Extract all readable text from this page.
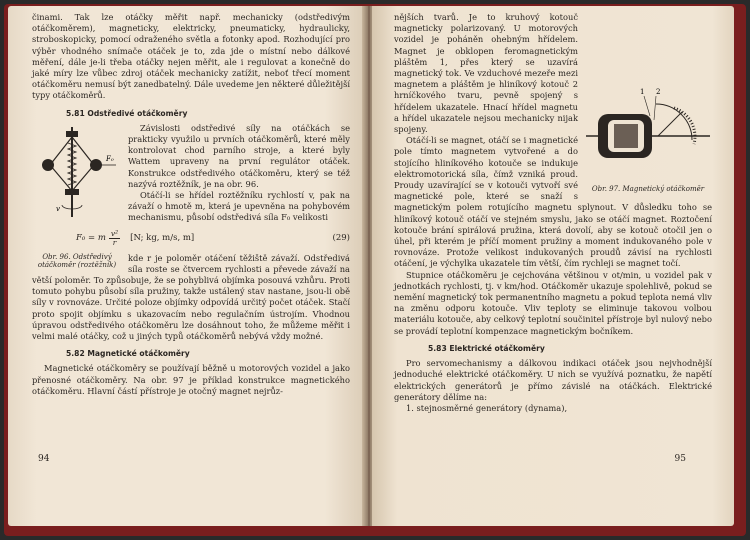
činami. Tak lze otáčky měřit např. mechanicky (odstředivým otáčkoměrem), magneticky, elektricky, pneumaticky, hydraulicky, stroboskopicky, pomocí odraženého světla a fotonky apod. Rozhodující pro výběr vhodného snímače otáček je to, zda jde o místní nebo dálkové měření, dále je-li třeba otáčky nejen měřit, ale i regulovat a konečně do jaké míry lze vůbec zdroj otáček mechanicky zatížit, neboť třecí moment otáčkoměru nemusí být zanedbatelný. Dále uvedeme jen některé důležitější typy otáčkoměrů.

5.81 Odstředivé otáčkoměry
F₀
v

Závislosti odstředivé síly na otáčkách se prakticky využilo u prvních otáčkoměrů, které měly kontrolovat chod parního stroje, a které byly Wattem upraveny na první regulátor otáček. Konstrukce odstředivého otáčkoměru, který se též nazývá roztěžník, je na obr. 96.

Otáčí-li se hřídel roztěžníku rychlostí v, pak na závaží o hmotě m, která je upevněna na pohybovém mechanismu, působí odstředivá síla F₀ velikosti

F₀ = m $\frac{\text{v²}}{r} [N$; kg, m/s, m]	(29)
Obr. 96. Odstředivý otáčkoměr (roztěžník)

kde r je poloměr otáčení těžiště závaží. Odstředivá síla roste se čtvercem rychlosti a převede závaží na větší poloměr. To způsobuje, že se pohyblivá objímka posouvá vzhůru. Proti tomuto pohybu působí síla pružiny, takže ustálený stav nastane, jsou-li obě síly v rovnováze. Určité poloze objímky odpovídá určitý počet otáček. Stačí proto spojit objímku s ukazovacím nebo regulačním ústrojím. Vhodnou úpravou odstředivého otáčkoměru lze dosáhnout toho, že můžeme měřit i velmi malé otáčky, což u jiných typů otáčkoměrů nebývá vždy možné.

5.82 Magnetické otáčkoměry

Magnetické otáčkoměry se používají běžně u motorových vozidel a jako přenosné otáčkoměry. Na obr. 97 je příklad konstrukce magnetického otáčkoměru. Hlavní částí přístroje je otočný magnet nejrůz-

94
1 2
Obr. 97. Magnetický otáčkoměr

nějších tvarů. Je to kruhový kotouč magneticky polarizovaný. U motorových vozidel je poháněn ohebným hřídelem. Magnet je obklopen feromagnetickým pláštěm 1, přes který se uzavírá magnetický tok. Ve vzduchové mezeře mezi magnetem a pláštěm je hliníkový kotouč 2 hrníčkového tvaru, pevně spojený s hřídelem ukazatele. Hnací hřídel magnetu a hřídel ukazatele nejsou mechanicky nijak spojeny.

Otáčí-li se magnet, otáčí se i magnetické pole tímto magnetem vytvořené a do stojícího hliníkového kotouče se indukuje elektromotorická síla, čímž vzniká proud. Proudy uzavírající se v kotouči vytvoří své magnetické pole, které se snaží s magnetickým polem rotujícího magnetu splynout. V důsledku toho se hliníkový kotouč otáčí ve stejném smyslu, jako se otáčí magnet. Roztočení kotouče brání spirálová pružina, která dovolí, aby se kotouč otočil jen o úhel, při kterém je příčí moment pružiny a moment indukovaného pole v rovnováze. Protože velikost indukovaných proudů závisí na rychlosti otáčení, je výchylka ukazatele tím větší, čím rychleji se magnet točí.

Stupnice otáčkoměru je cejchována většinou v ot/min, u vozidel pak v jednotkách rychlosti, tj. v km/hod. Otáčkoměr ukazuje spolehlivě, pokud se nemění magnetický tok permanentního magnetu a pokud teplota nemá vliv na změnu odporu kotouče. Vliv teploty se eliminuje takovou volbou materiálu kotouče, aby celkový teplotní součinitel přístroje byl nulový nebo se provádí teplotní kompenzace magnetickým bočníkem.

5.83 Elektrické otáčkoměry

Pro servomechanismy a dálkovou indikaci otáček jsou nejvhodnější jednoduché elektrické otáčkoměry. U nich se využívá poznatku, že napětí elektrických generátorů je přímo závislé na otáčkách. Elektrické generátory dělíme na:

1. stejnosměrné generátory (dynama),

95
